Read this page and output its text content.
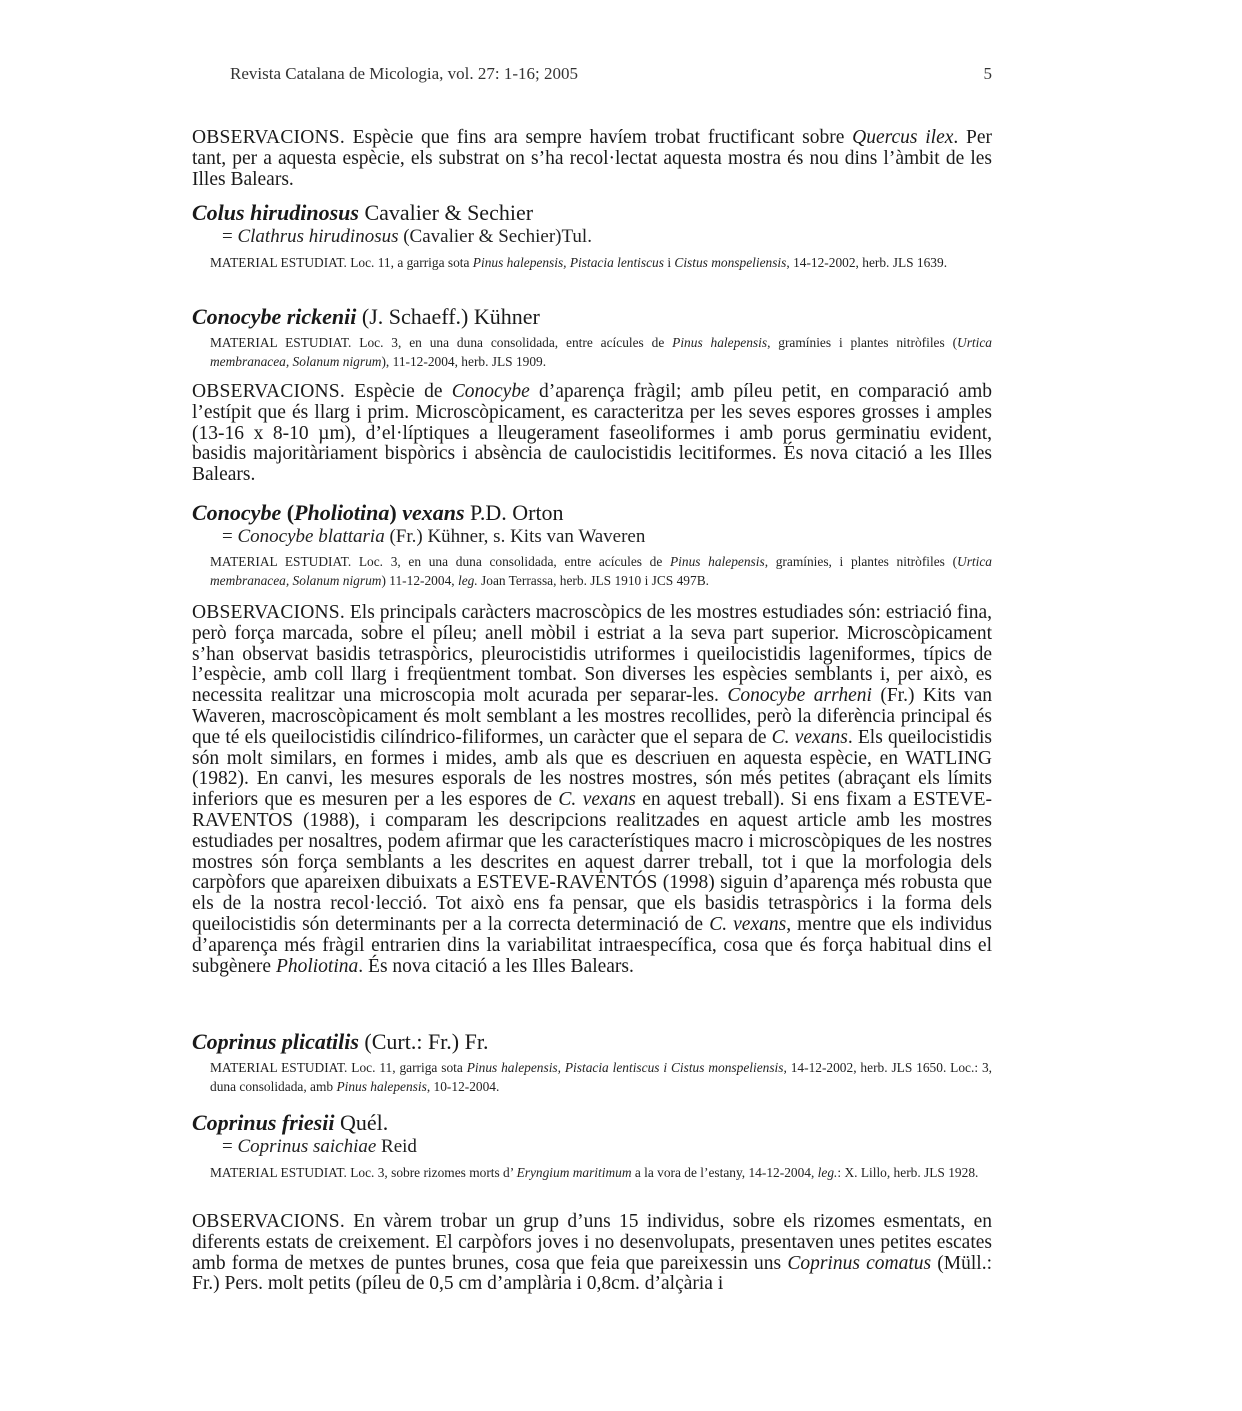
Revista Catalana de Micologia, vol. 27: 1-16; 2005	5
OBSERVACIONS. Espècie que fins ara sempre havíem trobat fructificant sobre Quercus ilex. Per tant, per a aquesta espècie, els substrat on s’ha recol·lectat aquesta mostra és nou dins l’àmbit de les Illes Balears.
Colus hirudinosus Cavalier & Sechier
= Clathrus hirudinosus (Cavalier & Sechier)Tul.
MATERIAL ESTUDIAT. Loc. 11, a garriga sota Pinus halepensis, Pistacia lentiscus i Cistus monspeliensis, 14-12-2002, herb. JLS 1639.
Conocybe rickenii (J. Schaeff.) Kühner
MATERIAL ESTUDIAT. Loc. 3, en una duna consolidada, entre acícules de Pinus halepensis, gramínies i plantes nitròfiles (Urtica membranacea, Solanum nigrum), 11-12-2004, herb. JLS 1909.
OBSERVACIONS. Espècie de Conocybe d’aparença fràgil; amb píleu petit, en comparació amb l’estípit que és llarg i prim. Microscòpicament, es caracteritza per les seves espores grosses i amples (13-16 x 8-10 µm), d’el·líptiques a lleugerament faseoliformes i amb porus germinatiu evident, basidis majoritàriament bispòrics i absència de caulocistidis lecitiformes. És nova citació a les Illes Balears.
Conocybe (Pholiotina) vexans P.D. Orton
= Conocybe blattaria (Fr.) Kühner, s. Kits van Waveren
MATERIAL ESTUDIAT. Loc. 3, en una duna consolidada, entre acícules de Pinus halepensis, gramínies, i plantes nitròfiles (Urtica membranacea, Solanum nigrum) 11-12-2004, leg. Joan Terrassa, herb. JLS 1910 i JCS 497B.
OBSERVACIONS. Els principals caràcters macroscòpics de les mostres estudiades són: estriació fina, però força marcada, sobre el píleu; anell mòbil i estriat a la seva part superior. Microscòpicament s’han observat basidis tetraspòrics, pleurocistidis utriformes i queilocistidis lageniformes, típics de l’espècie, amb coll llarg i freqüentment tombat. Son diverses les espècies semblants i, per això, es necessita realitzar una microscopia molt acurada per separar-les. Conocybe arrheni (Fr.) Kits van Waveren, macroscòpicament és molt semblant a les mostres recollides, però la diferència principal és que té els queilocistidis cilíndrico-filiformes, un caràcter que el separa de C. vexans. Els queilocistidis són molt similars, en formes i mides, amb als que es descriuen en aquesta espècie, en WATLING (1982). En canvi, les mesures esporals de les nostres mostres, són més petites (abraçant els límits inferiors que es mesuren per a les espores de C. vexans en aquest treball). Si ens fixam a ESTEVE-RAVENTOS (1988), i comparam les descripcions realitzades en aquest article amb les mostres estudiades per nosaltres, podem afirmar que les característiques macro i microscòpiques de les nostres mostres són força semblants a les descrites en aquest darrer treball, tot i que la morfologia dels carpòfors que apareixen dibuixats a ESTEVE-RAVENTÓS (1998) siguin d’aparença més robusta que els de la nostra recol·lecció. Tot això ens fa pensar, que els basidis tetraspòrics i la forma dels queilocistidis són determinants per a la correcta determinació de C. vexans, mentre que els individus d’aparença més fràgil entrarien dins la variabilitat intraespecífica, cosa que és força habitual dins el subgènere Pholiotina. És nova citació a les Illes Balears.
Coprinus plicatilis (Curt.: Fr.) Fr.
MATERIAL ESTUDIAT. Loc. 11, garriga sota Pinus halepensis, Pistacia lentiscus i Cistus monspeliensis, 14-12-2002, herb. JLS 1650. Loc.: 3, duna consolidada, amb Pinus halepensis, 10-12-2004.
Coprinus friesii Quél.
= Coprinus saichiae Reid
MATERIAL ESTUDIAT. Loc. 3, sobre rizomes morts d’ Eryngium maritimum a la vora de l’estany, 14-12-2004, leg.: X. Lillo, herb. JLS 1928.
OBSERVACIONS. En vàrem trobar un grup d’uns 15 individus, sobre els rizomes esmentats, en diferents estats de creixement. El carpòfors joves i no desenvolupats, presentaven unes petites escates amb forma de metxes de puntes brunes, cosa que feia que pareixessin uns Coprinus comatus (Müll.: Fr.) Pers. molt petits (píleu de 0,5 cm d’amplària i 0,8cm. d’alçària i
